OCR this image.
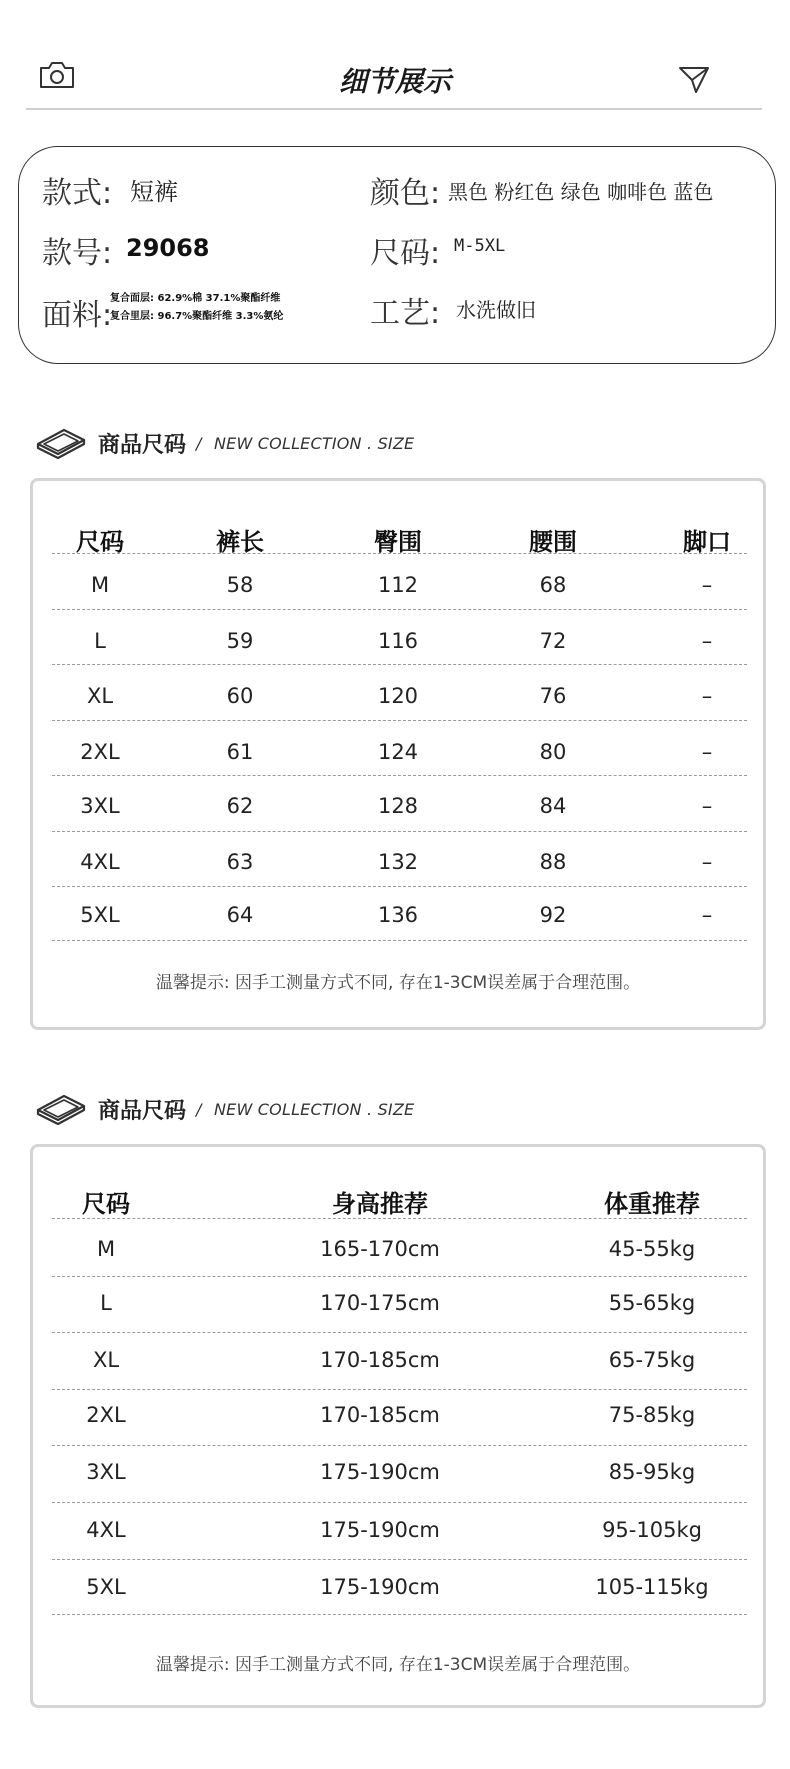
细节展示
款式: 短裤
款号: 29068
面料:
复合面层: 62.9%棉 37.1%聚酯纤维
复合里层: 96.7%聚酯纤维 3.3%氨纶
颜色: 黑色 粉红色 绿色 咖啡色 蓝色
尺码: M-5XL
工艺: 水洗做旧
商品尺码 / NEW COLLECTION . SIZE
尺码	裤长	臀围	腰围	脚口
M	58	112	68	–
L	59	116	72	–
XL	60	120	76	–
2XL	61	124	80	–
3XL	62	128	84	–
4XL	63	132	88	–
5XL	64	136	92	–
温馨提示: 因手工测量方式不同, 存在1-3CM误差属于合理范围。
商品尺码 / NEW COLLECTION . SIZE
尺码	身高推荐	体重推荐
M	165-170cm	45-55kg
L	170-175cm	55-65kg
XL	170-185cm	65-75kg
2XL	170-185cm	75-85kg
3XL	175-190cm	85-95kg
4XL	175-190cm	95-105kg
5XL	175-190cm	105-115kg
温馨提示: 因手工测量方式不同, 存在1-3CM误差属于合理范围。
